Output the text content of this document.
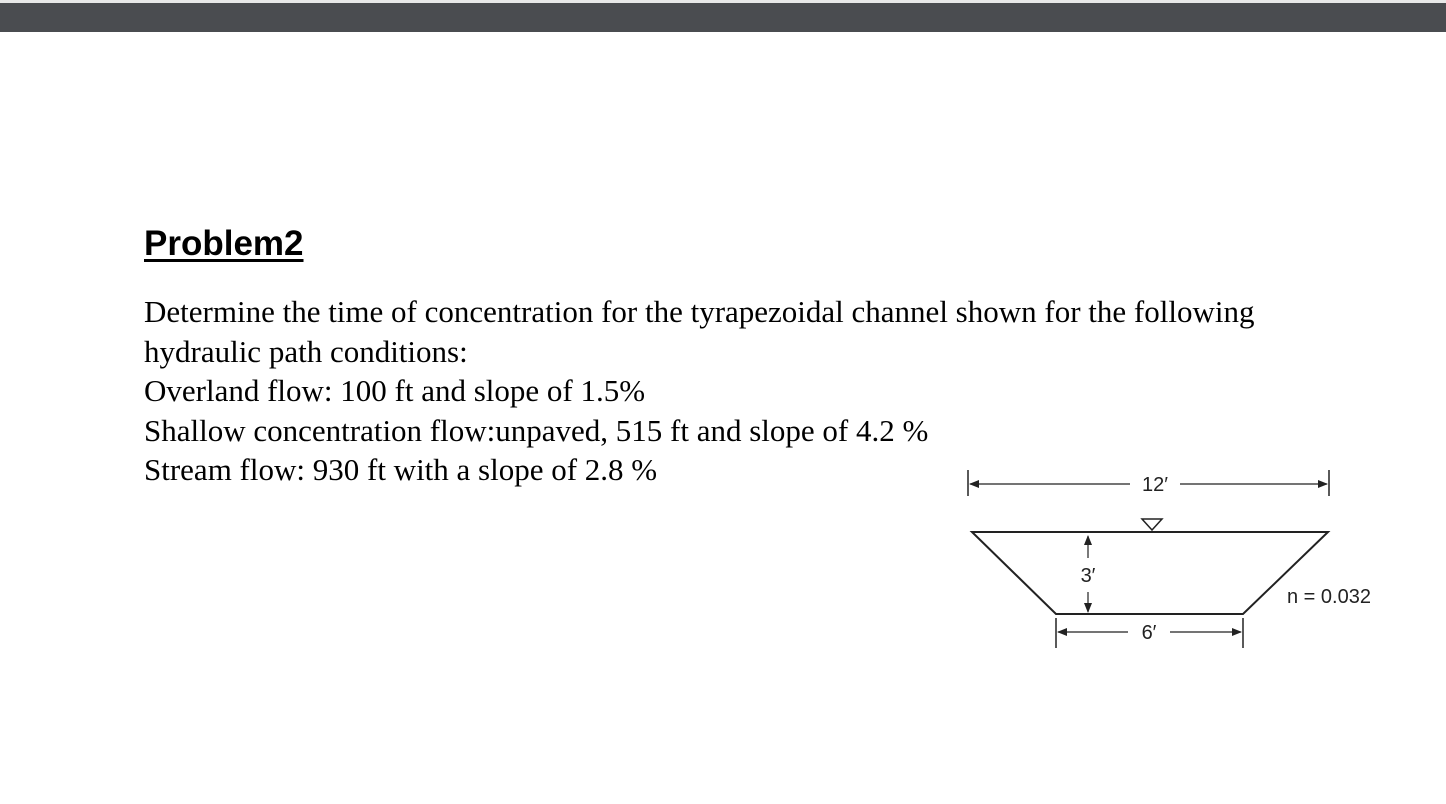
Problem2
Determine the time of concentration for the tyrapezoidal channel shown for the following
hydraulic path conditions:
Overland flow: 100 ft and slope of 1.5%
Shallow concentration flow:unpaved, 515 ft and slope of 4.2 %
Stream flow: 930 ft with a slope of 2.8 %	12′
3′
6′
n = 0.032
